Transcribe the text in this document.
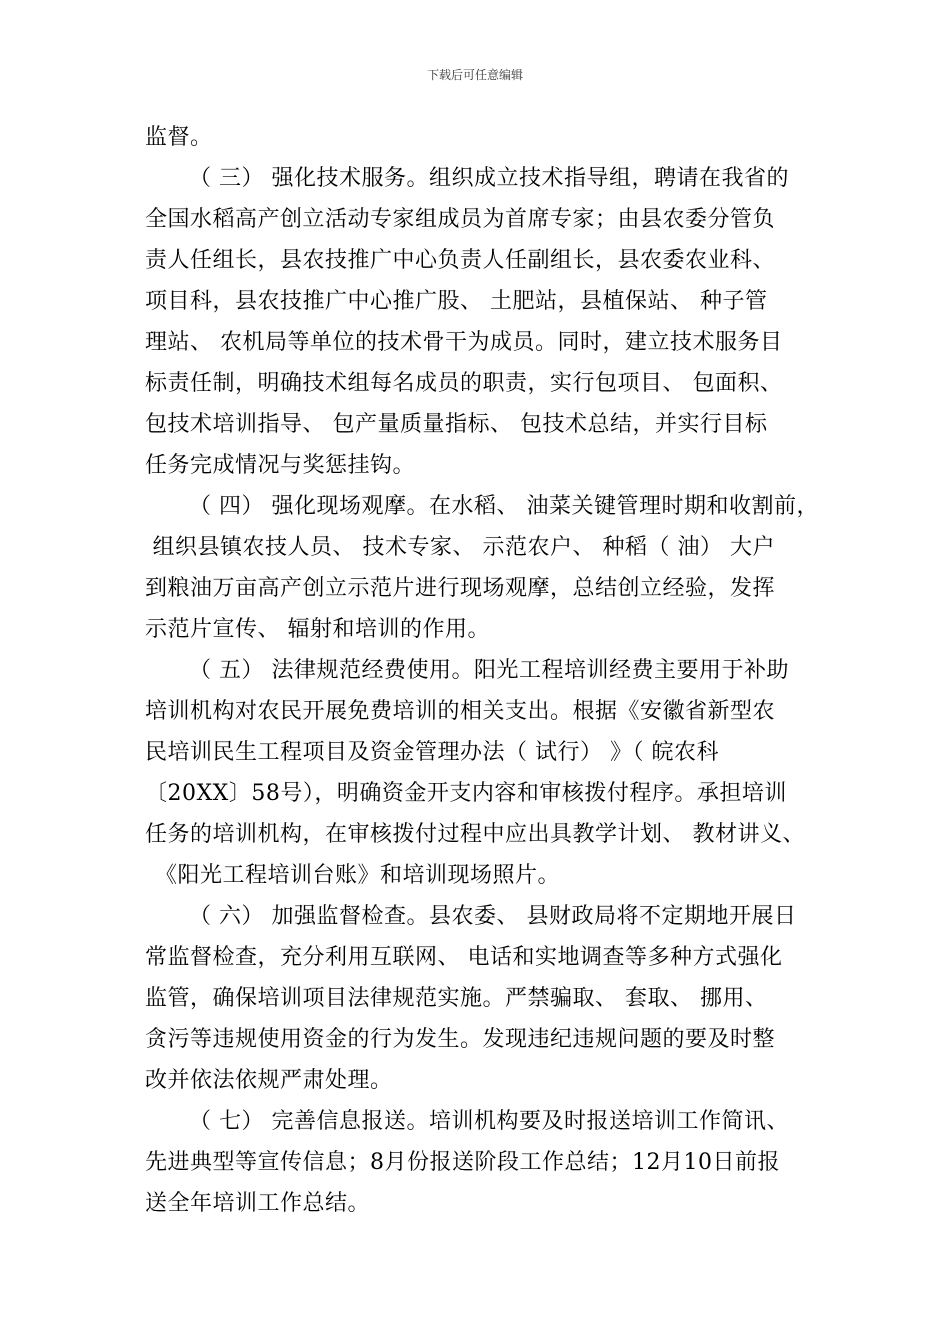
下载后可任意编辑
监督。
（ 三） 强化技术服务。组织成立技术指导组，聘请在我省的
全国水稻高产创立活动专家组成员为首席专家；由县农委分管负
责人任组长，县农技推广中心负责人任副组长，县农委农业科、
项目科，县农技推广中心推广股、 土肥站，县植保站、 种子管
理站、 农机局等单位的技术骨干为成员。同时，建立技术服务目
标责任制，明确技术组每名成员的职责，实行包项目、 包面积、
包技术培训指导、 包产量质量指标、 包技术总结，并实行目标
任务完成情况与奖惩挂钩。
（ 四） 强化现场观摩。在水稻、 油菜关键管理时期和收割前，
组织县镇农技人员、 技术专家、 示范农户、 种稻（ 油） 大户
到粮油万亩高产创立示范片进行现场观摩，总结创立经验，发挥
示范片宣传、 辐射和培训的作用。
（ 五） 法律规范经费使用。阳光工程培训经费主要用于补助
培训机构对农民开展免费培训的相关支出。根据《安徽省新型农
民培训民生工程项目及资金管理办法（ 试行） 》（ 皖农科
〔20XX〕58号），明确资金开支内容和审核拨付程序。承担培训
任务的培训机构，在审核拨付过程中应出具教学计划、 教材讲义、
《阳光工程培训台账》和培训现场照片。
（ 六） 加强监督检查。县农委、 县财政局将不定期地开展日
常监督检查，充分利用互联网、 电话和实地调查等多种方式强化
监管，确保培训项目法律规范实施。严禁骗取、 套取、 挪用、
贪污等违规使用资金的行为发生。发现违纪违规问题的要及时整
改并依法依规严肃处理。
（ 七） 完善信息报送。培训机构要及时报送培训工作简讯、
先进典型等宣传信息；8月份报送阶段工作总结；12月10日前报
送全年培训工作总结。
